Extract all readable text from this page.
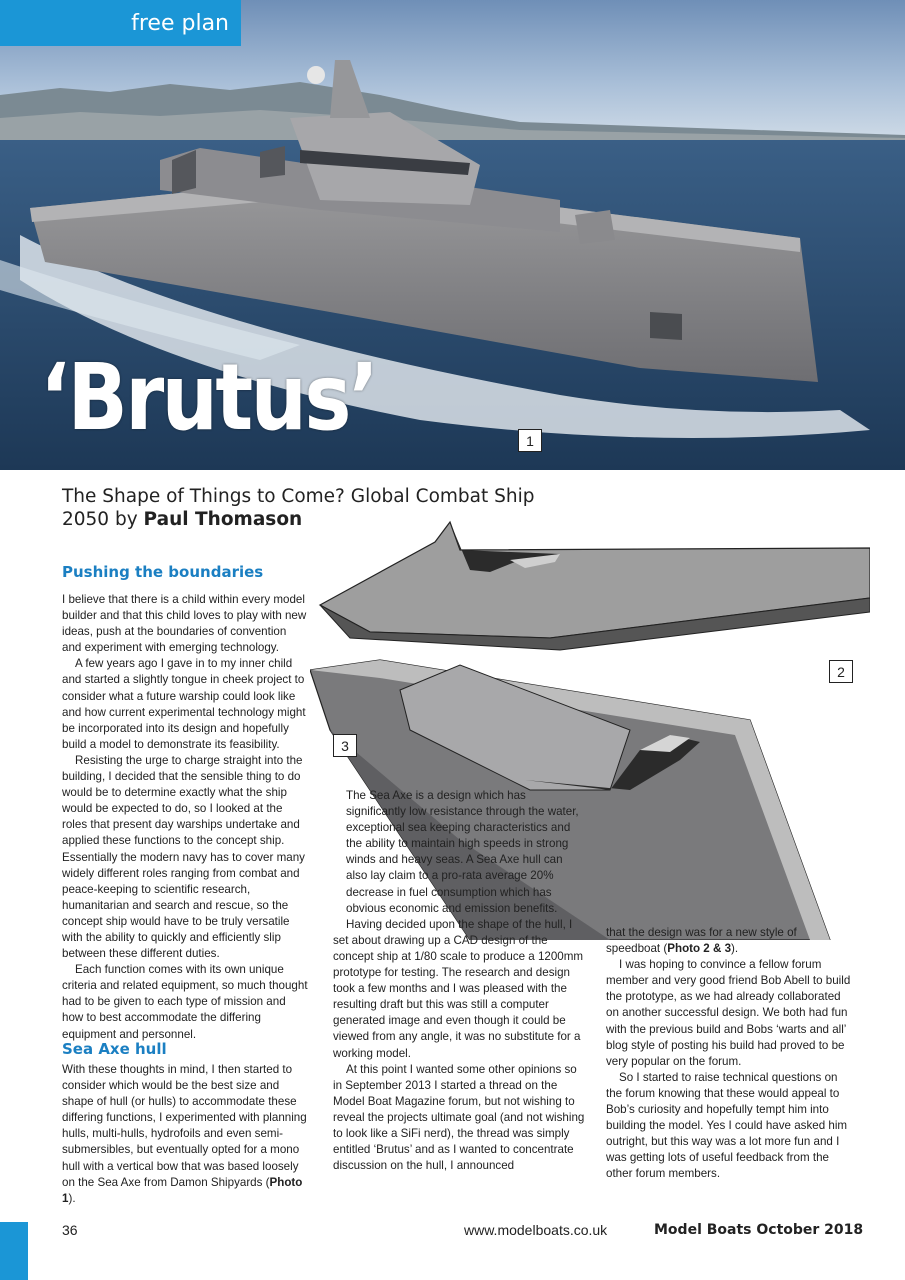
free plan
‘Brutus’	1
The Shape of Things to Come? Global Combat Ship 2050 by Paul Thomason
2
3
Pushing the boundaries

I believe that there is a child within every model builder and that this child loves to play with new ideas, push at the boundaries of convention and experiment with emerging technology.

A few years ago I gave in to my inner child and started a slightly tongue in cheek project to consider what a future warship could look like and how current experimental technology might be incorporated into its design and hopefully build a model to demonstrate its feasibility.

Resisting the urge to charge straight into the building, I decided that the sensible thing to do would be to determine exactly what the ship would be expected to do, so I looked at the roles that present day warships undertake and applied these functions to the concept ship. Essentially the modern navy has to cover many widely different roles ranging from combat and peace-keeping to scientific research, humanitarian and search and rescue, so the concept ship would have to be truly versatile with the ability to quickly and efficiently slip between these different duties.

Each function comes with its own unique criteria and related equipment, so much thought had to be given to each type of mission and how to best accommodate the differing equipment and personnel.

Sea Axe hull

With these thoughts in mind, I then started to consider which would be the best size and shape of hull (or hulls) to accommodate these differing functions, I experimented with planning hulls, multi-hulls, hydrofoils and even semi-submersibles, but eventually opted for a mono hull with a vertical bow that was based loosely on the Sea Axe from Damon Shipyards (Photo 1).

The Sea Axe is a design which has significantly low resistance through the water, exceptional sea keeping characteristics and the ability to maintain high speeds in strong winds and heavy seas. A Sea Axe hull can also lay claim to a pro-rata average 20% decrease in fuel consumption which has obvious economic and emission benefits.

Having decided upon the shape of the hull, I set about drawing up a CAD design of the concept ship at 1/80 scale to produce a 1200mm prototype for testing. The research and design took a few months and I was pleased with the resulting draft but this was still a computer generated image and even though it could be viewed from any angle, it was no substitute for a working model.

At this point I wanted some other opinions so in September 2013 I started a thread on the Model Boat Magazine forum, but not wishing to reveal the projects ultimate goal (and not wishing to look like a SiFi nerd), the thread was simply entitled ‘Brutus’ and as I wanted to concentrate discussion on the hull, I announced

that the design was for a new style of speedboat (Photo 2 & 3).

I was hoping to convince a fellow forum member and very good friend Bob Abell to build the prototype, as we had already collaborated on another successful design. We both had fun with the previous build and Bobs ‘warts and all’ blog style of posting his build had proved to be very popular on the forum.

So I started to raise technical questions on the forum knowing that these would appeal to Bob’s curiosity and hopefully tempt him into building the model. Yes I could have asked him outright, but this way was a lot more fun and I was getting lots of useful feedback from the other forum members.

36	www.modelboats.co.uk	Model Boats October 2018
